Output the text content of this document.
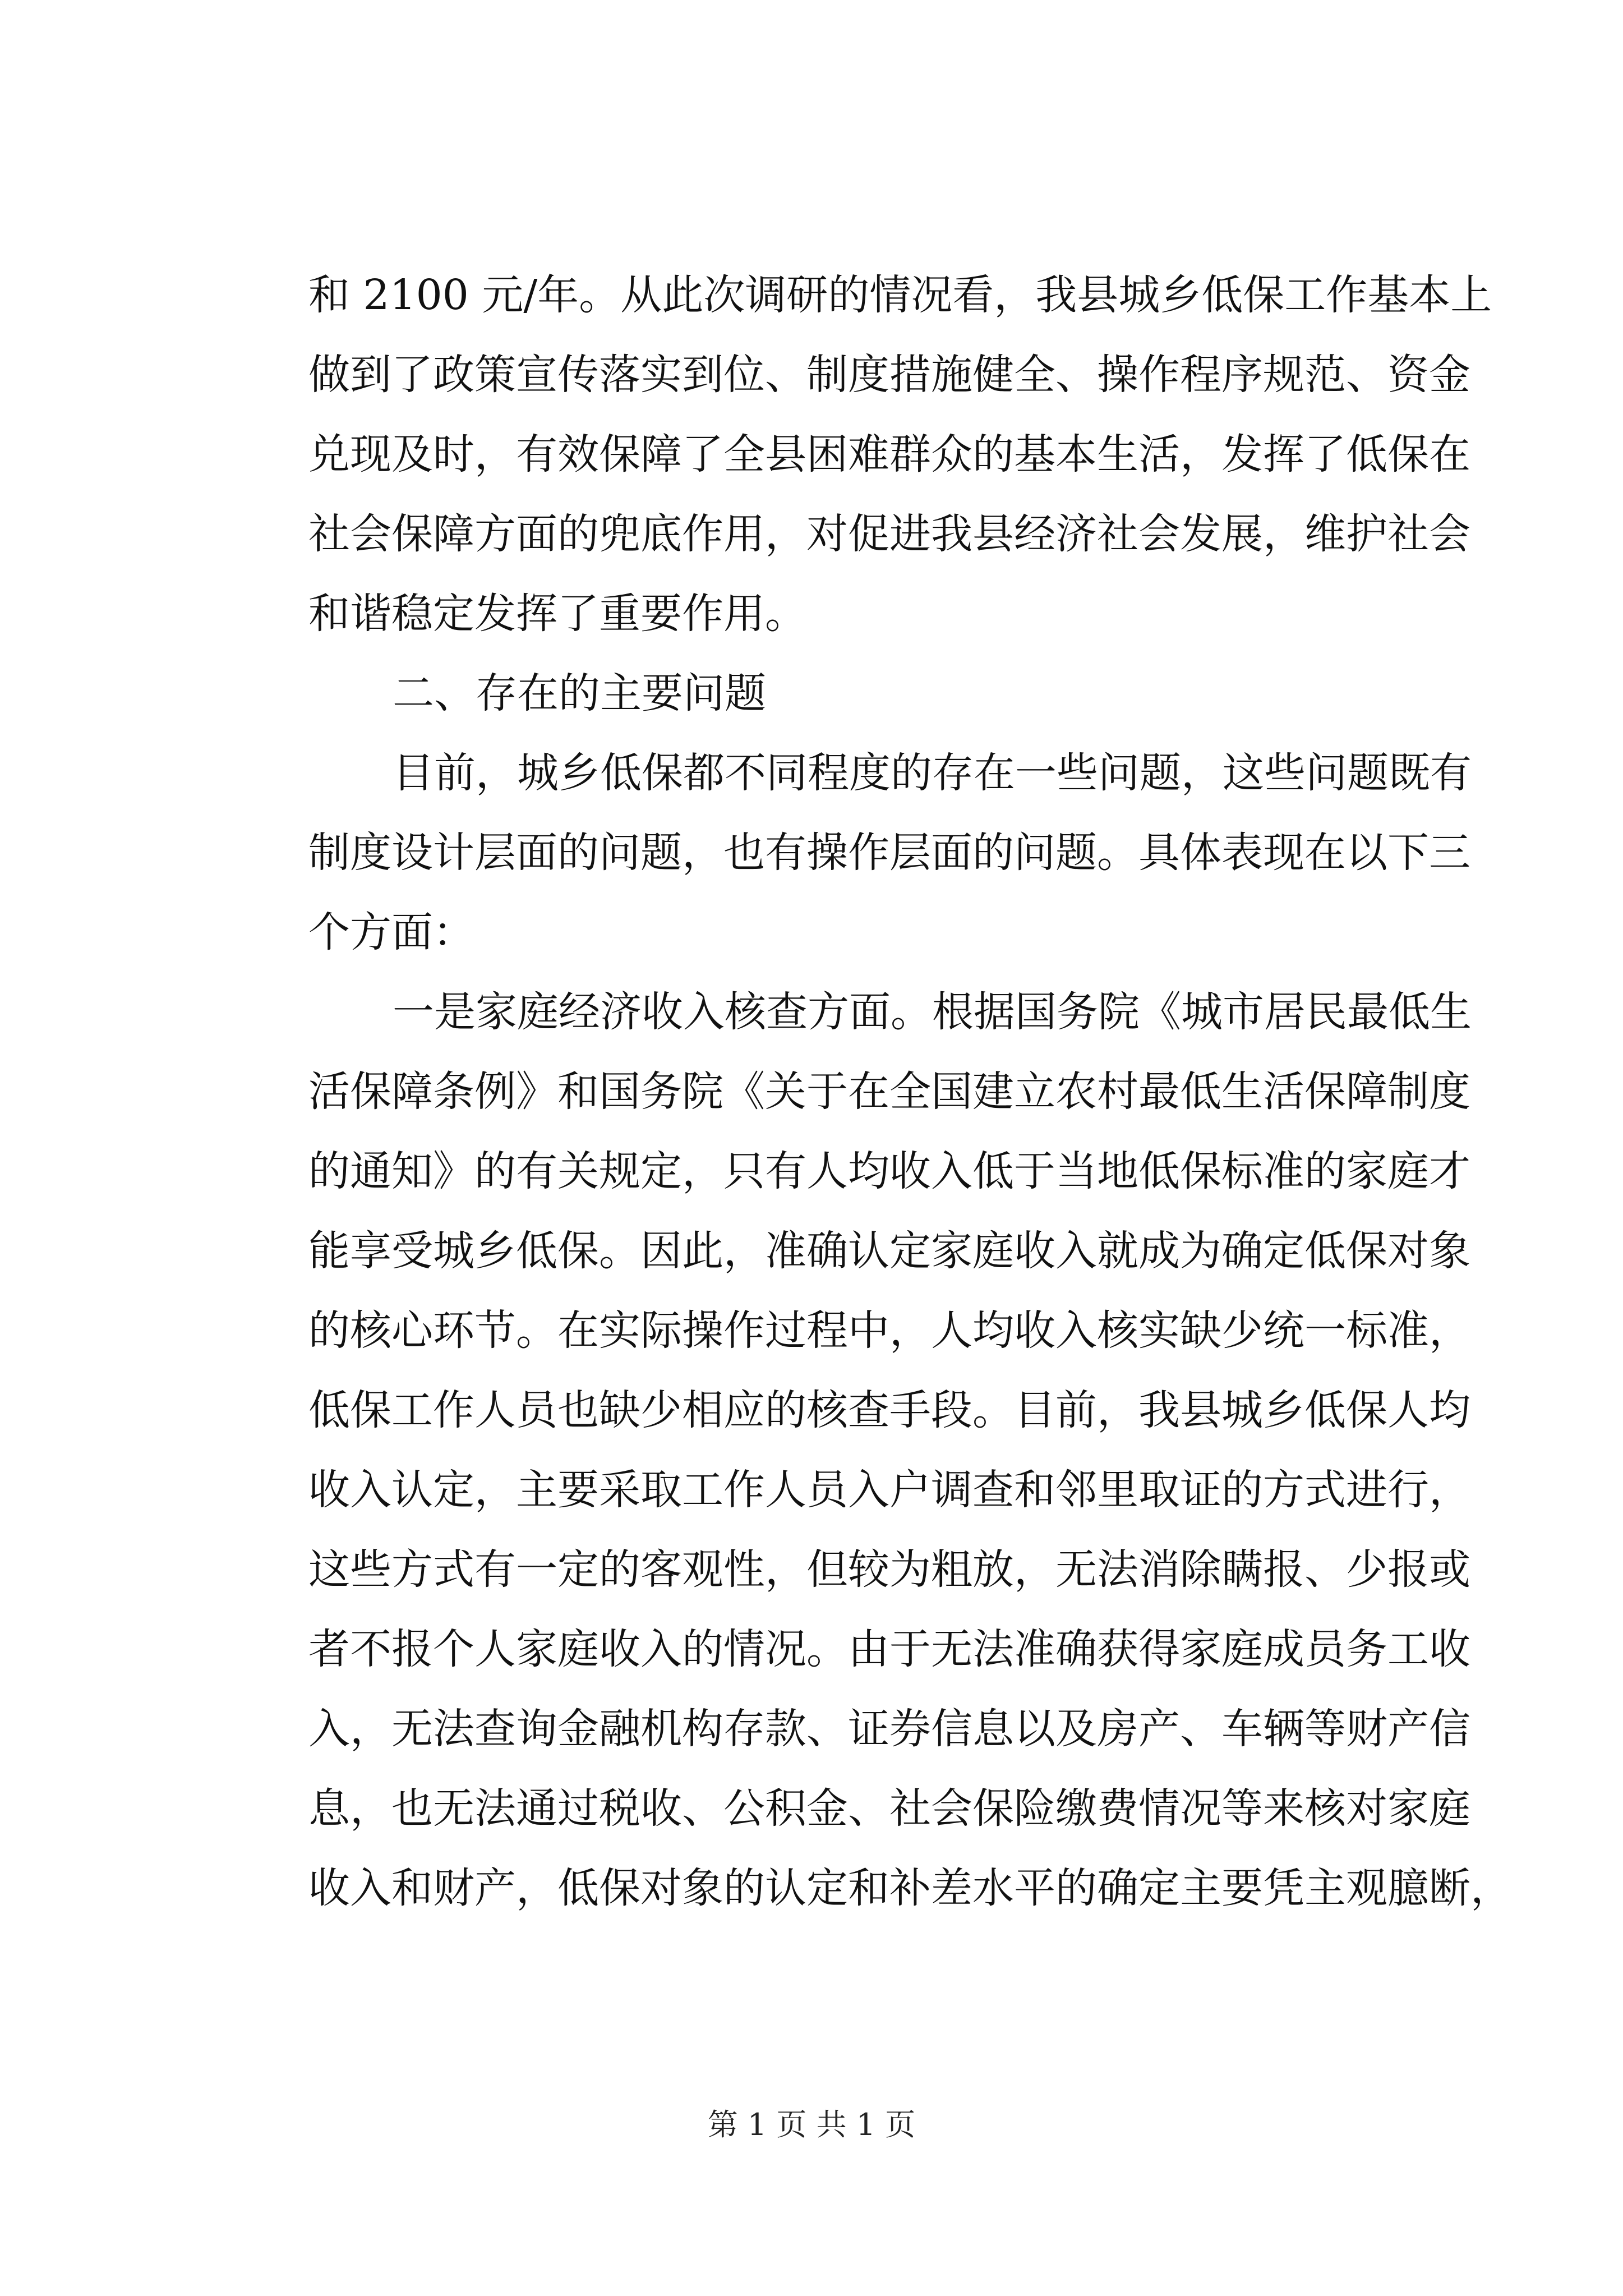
和 2100 元/年。从此次调研的情况看，我县城乡低保工作基本上
做到了政策宣传落实到位、制度措施健全、操作程序规范、资金
兑现及时，有效保障了全县困难群众的基本生活，发挥了低保在
社会保障方面的兜底作用，对促进我县经济社会发展，维护社会
和谐稳定发挥了重要作用。
二、存在的主要问题
目前，城乡低保都不同程度的存在一些问题，这些问题既有
制度设计层面的问题，也有操作层面的问题。具体表现在以下三
个方面：
一是家庭经济收入核查方面。根据国务院《城市居民最低生
活保障条例》和国务院《关于在全国建立农村最低生活保障制度
的通知》的有关规定，只有人均收入低于当地低保标准的家庭才
能享受城乡低保。因此，准确认定家庭收入就成为确定低保对象
的核心环节。在实际操作过程中，人均收入核实缺少统一标准，
低保工作人员也缺少相应的核查手段。目前，我县城乡低保人均
收入认定，主要采取工作人员入户调查和邻里取证的方式进行，
这些方式有一定的客观性，但较为粗放，无法消除瞒报、少报或
者不报个人家庭收入的情况。由于无法准确获得家庭成员务工收
入，无法查询金融机构存款、证券信息以及房产、车辆等财产信
息，也无法通过税收、公积金、社会保险缴费情况等来核对家庭
收入和财产，低保对象的认定和补差水平的确定主要凭主观臆断，
第 1 页 共 1 页
